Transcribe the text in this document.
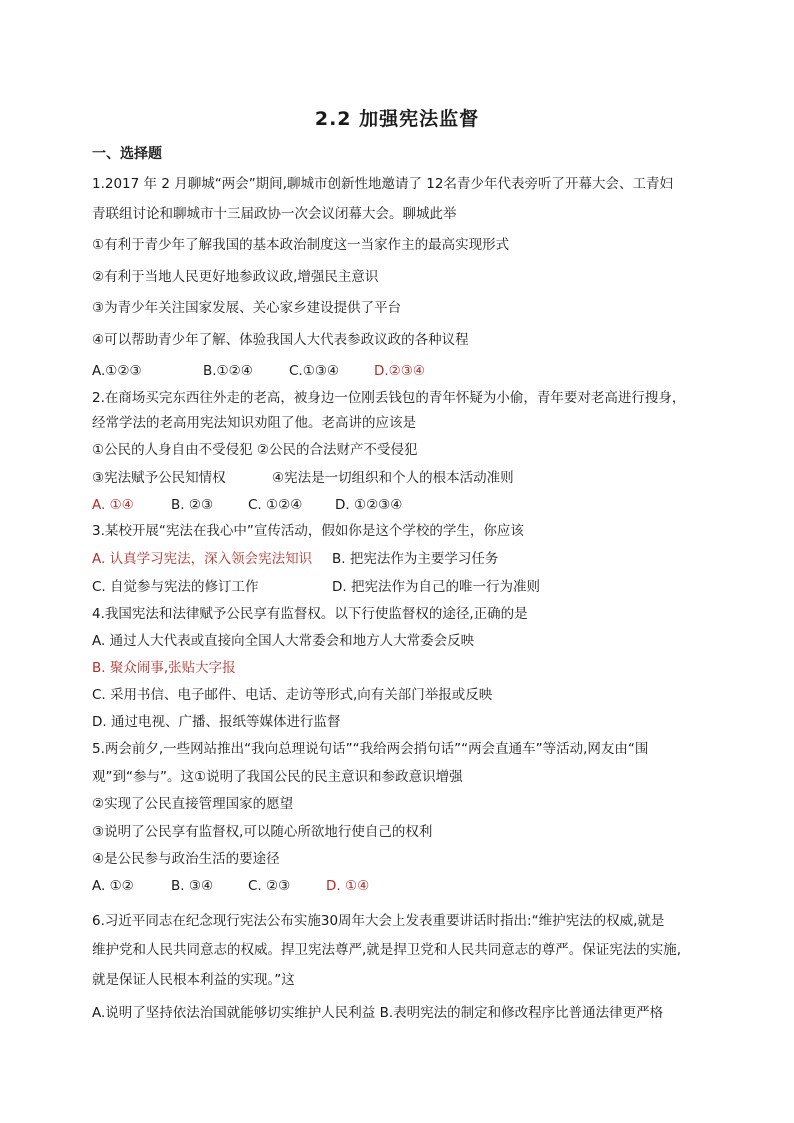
2.2 加强宪法监督
一、选择题
1.2017 年 2 月聊城“两会”期间,聊城市创新性地邀请了 12名青少年代表旁听了开幕大会、工青妇
青联组讨论和聊城市十三届政协一次会议闭幕大会。聊城此举
①有利于青少年了解我国的基本政治制度这一当家作主的最高实现形式
②有利于当地人民更好地参政议政,增强民主意识
③为青少年关注国家发展、关心家乡建设提供了平台
④可以帮助青少年了解、体验我国人大代表参政议政的各种议程
A.①②③	B.①②④	C.①③④	D.②③④
2.在商场买完东西往外走的老高，被身边一位刚丢钱包的青年怀疑为小偷，青年要对老高进行搜身，
经常学法的老高用宪法知识劝阻了他。老高讲的应该是
①公民的人身自由不受侵犯 ②公民的合法财产不受侵犯
③宪法赋予公民知情权	④宪法是一切组织和个人的根本活动准则
A. ①④	B. ②③	C. ①②④ D. ①②③④
3.某校开展“宪法在我心中”宣传活动，假如你是这个学校的学生，你应该
A. 认真学习宪法，深入领会宪法知识 B. 把宪法作为主要学习任务
C. 自觉参与宪法的修订工作	D. 把宪法作为自己的唯一行为准则
4.我国宪法和法律赋予公民享有监督权。以下行使监督权的途径,正确的是
A. 通过人大代表或直接向全国人大常委会和地方人大常委会反映
B. 聚众闹事,张贴大字报
C. 采用书信、电子邮件、电话、走访等形式,向有关部门举报或反映
D. 通过电视、广播、报纸等媒体进行监督
5.两会前夕,一些网站推出“我向总理说句话”“我给两会捎句话”“两会直通车”等活动,网友由“围
观”到“参与”。这①说明了我国公民的民主意识和参政意识增强
②实现了公民直接管理国家的愿望
③说明了公民享有监督权,可以随心所欲地行使自己的权利
④是公民参与政治生活的要途径
A. ①②	B. ③④	C. ②③	D. ①④
6.习近平同志在纪念现行宪法公布实施30周年大会上发表重要讲话时指出:“维护宪法的权威,就是
维护党和人民共同意志的权威。捍卫宪法尊严,就是捍卫党和人民共同意志的尊严。保证宪法的实施,
就是保证人民根本利益的实现。”这
A.说明了坚持依法治国就能够切实维护人民利益 B.表明宪法的制定和修改程序比普通法律更严格
